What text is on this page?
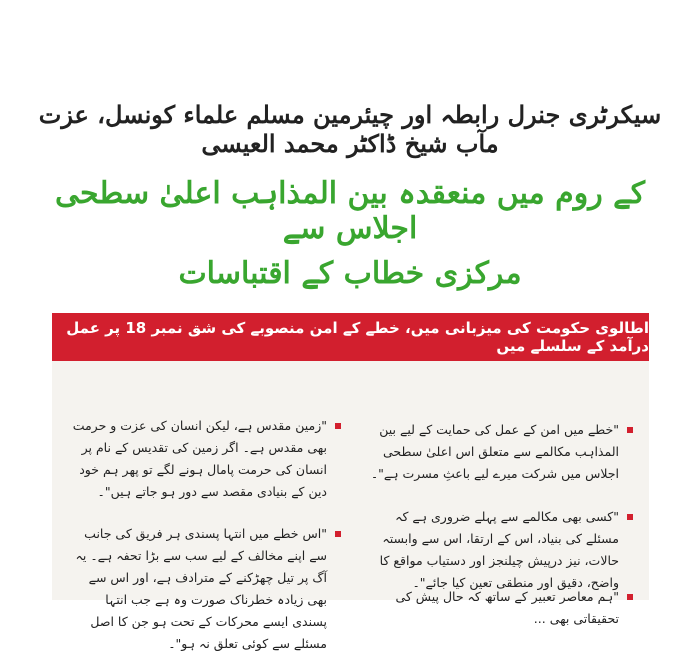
سیکرٹری جنرل رابطہ اور چیئرمین مسلم علماء کونسل، عزت مآب شیخ ڈاکٹر محمد العیسی

کے روم میں منعقدہ بین المذاہب اعلیٰ سطحی اجلاس سے

مرکزی خطاب کے اقتباسات

اطالوی حکومت کی میزبانی میں، خطے کے امن منصوبے کی شق نمبر 18 پر عمل درآمد کے سلسلے میں
"خطے میں امن کے عمل کی حمایت کے لیے بین المذاہب مکالمے سے متعلق اس اعلیٰ سطحی اجلاس میں شرکت میرے لیے باعثِ مسرت ہے"۔
"کسی بھی مکالمے سے پہلے ضروری ہے کہ مسئلے کی بنیاد، اس کے ارتقا، اس سے وابستہ حالات، نیز درپیش چیلنجز اور دستیاب مواقع کا واضح، دقیق اور منطقی تعین کیا جائے"۔
"ہم معاصر تعبیر کے ساتھ کہ حال پیش کی تحقیقاتی بھی ...
"زمین مقدس ہے، لیکن انسان کی عزت و حرمت بھی مقدس ہے۔ اگر زمین کی تقدیس کے نام پر انسان کی حرمت پامال ہونے لگے تو پھر ہم خود دین کے بنیادی مقصد سے دور ہو جاتے ہیں"۔
"اس خطے میں انتہا پسندی ہر فریق کی جانب سے اپنے مخالف کے لیے سب سے بڑا تحفہ ہے۔ یہ آگ پر تیل چھڑکنے کے مترادف ہے، اور اس سے بھی زیادہ خطرناک صورت وہ ہے جب انتہا پسندی ایسے محرکات کے تحت ہو جن کا اصل مسئلے سے کوئی تعلق نہ ہو"۔
